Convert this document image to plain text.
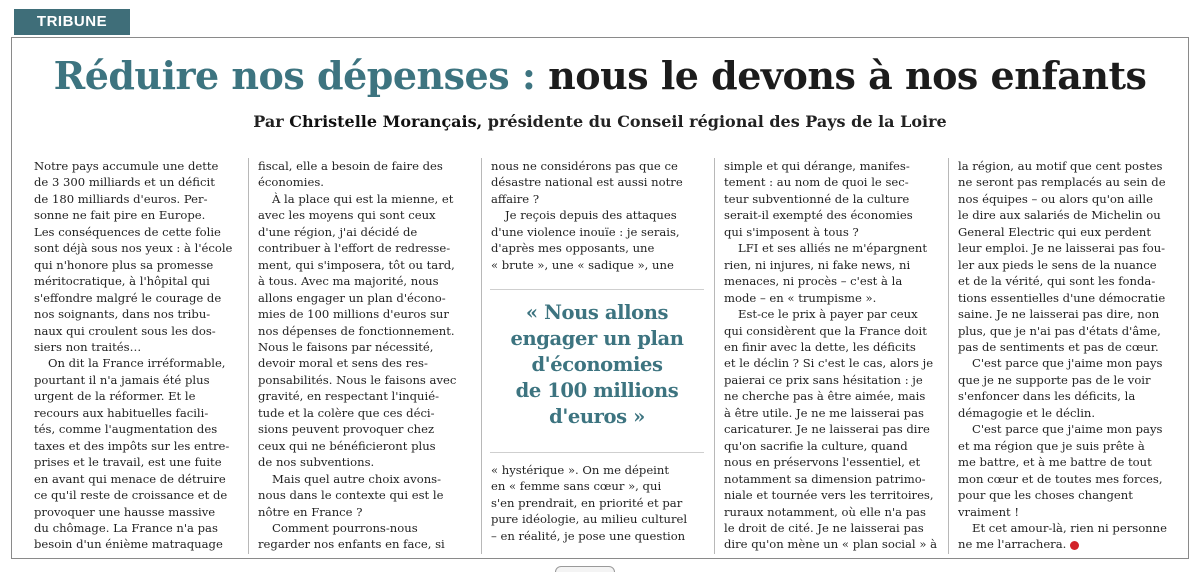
TRIBUNE
Réduire nos dépenses : nous le devons à nos enfants
Par Christelle Morançais, présidente du Conseil régional des Pays de la Loire

Notre pays accumule une dette
de 3 300 milliards et un déficit
de 180 milliards d'euros. Per-
sonne ne fait pire en Europe.
Les conséquences de cette folie
sont déjà sous nos yeux : à l'école
qui n'honore plus sa promesse
méritocratique, à l'hôpital qui
s'effondre malgré le courage de
nos soignants, dans nos tribu-
naux qui croulent sous les dos-
siers non traités…

On dit la France irréformable,
pourtant il n'a jamais été plus
urgent de la réformer. Et le
recours aux habituelles facili-
tés, comme l'augmentation des
taxes et des impôts sur les entre-
prises et le travail, est une fuite
en avant qui menace de détruire
ce qu'il reste de croissance et de
provoquer une hausse massive
du chômage. La France n'a pas
besoin d'un énième matraquage

fiscal, elle a besoin de faire des
économies.

À la place qui est la mienne, et
avec les moyens qui sont ceux
d'une région, j'ai décidé de
contribuer à l'effort de redresse-
ment, qui s'imposera, tôt ou tard,
à tous. Avec ma majorité, nous
allons engager un plan d'écono-
mies de 100 millions d'euros sur
nos dépenses de fonctionnement.
Nous le faisons par nécessité,
devoir moral et sens des res-
ponsabilités. Nous le faisons avec
gravité, en respectant l'inquié-
tude et la colère que ces déci-
sions peuvent provoquer chez
ceux qui ne bénéficieront plus
de nos subventions.

Mais quel autre choix avons-
nous dans le contexte qui est le
nôtre en France ?

Comment pourrons-nous
regarder nos enfants en face, si

nous ne considérons pas que ce
désastre national est aussi notre
affaire ?

Je reçois depuis des attaques
d'une violence inouïe : je serais,
d'après mes opposants, une
« brute », une « sadique », une

simple et qui dérange, manifes-
tement : au nom de quoi le sec-
teur subventionné de la culture
serait-il exempté des économies
qui s'imposent à tous ?

LFI et ses alliés ne m'épargnent
rien, ni injures, ni fake news, ni
menaces, ni procès – c'est à la
mode – en « trumpisme ».

Est-ce le prix à payer par ceux
qui considèrent que la France doit
en finir avec la dette, les déficits
et le déclin ? Si c'est le cas, alors je
paierai ce prix sans hésitation : je
ne cherche pas à être aimée, mais
à être utile. Je ne me laisserai pas
caricaturer. Je ne laisserai pas dire
qu'on sacrifie la culture, quand
nous en préservons l'essentiel, et
notamment sa dimension patrimo-
niale et tournée vers les territoires,
ruraux notamment, où elle n'a pas
le droit de cité. Je ne laisserai pas
dire qu'on mène un « plan social » à

la région, au motif que cent postes
ne seront pas remplacés au sein de
nos équipes – ou alors qu'on aille
le dire aux salariés de Michelin ou
General Electric qui eux perdent
leur emploi. Je ne laisserai pas fou-
ler aux pieds le sens de la nuance
et de la vérité, qui sont les fonda-
tions essentielles d'une démocratie
saine. Je ne laisserai pas dire, non
plus, que je n'ai pas d'états d'âme,
pas de sentiments et pas de cœur.

C'est parce que j'aime mon pays
que je ne supporte pas de le voir
s'enfoncer dans les déficits, la
démagogie et le déclin.

C'est parce que j'aime mon pays
et ma région que je suis prête à
me battre, et à me battre de tout
mon cœur et de toutes mes forces,
pour que les choses changent
vraiment !

Et cet amour-là, rien ni personne
ne me l'arrachera.

« Nous allons
engager un plan
d'économies
de 100 millions
d'euros »

« hystérique ». On me dépeint
en « femme sans cœur », qui
s'en prendrait, en priorité et par
pure idéologie, au milieu culturel
– en réalité, je pose une question
